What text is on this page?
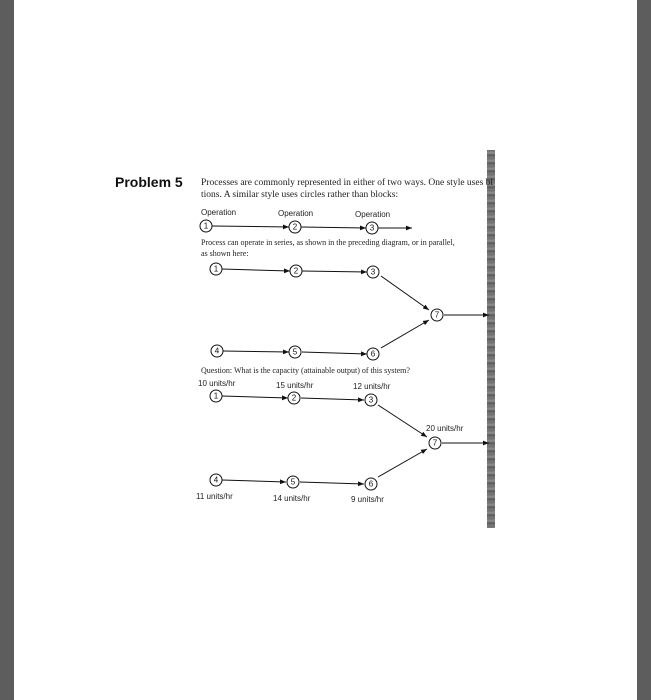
Problem 5 Processes are commonly represented in either of two ways. One style uses bl
tions. A similar style uses circles rather than blocks:
Operation	Operation	Operation
Process can operate in series, as shown in the preceding diagram, or in parallel,
as shown here:
Question: What is the capacity (attainable output) of this system?
10 units/hr	15 units/hr	12 units/hr
20 units/hr
11 units/hr	14 units/hr	9 units/hr
1	2	3
1	2	3
4	5	6
7
1	2	3
4	5	6
7
